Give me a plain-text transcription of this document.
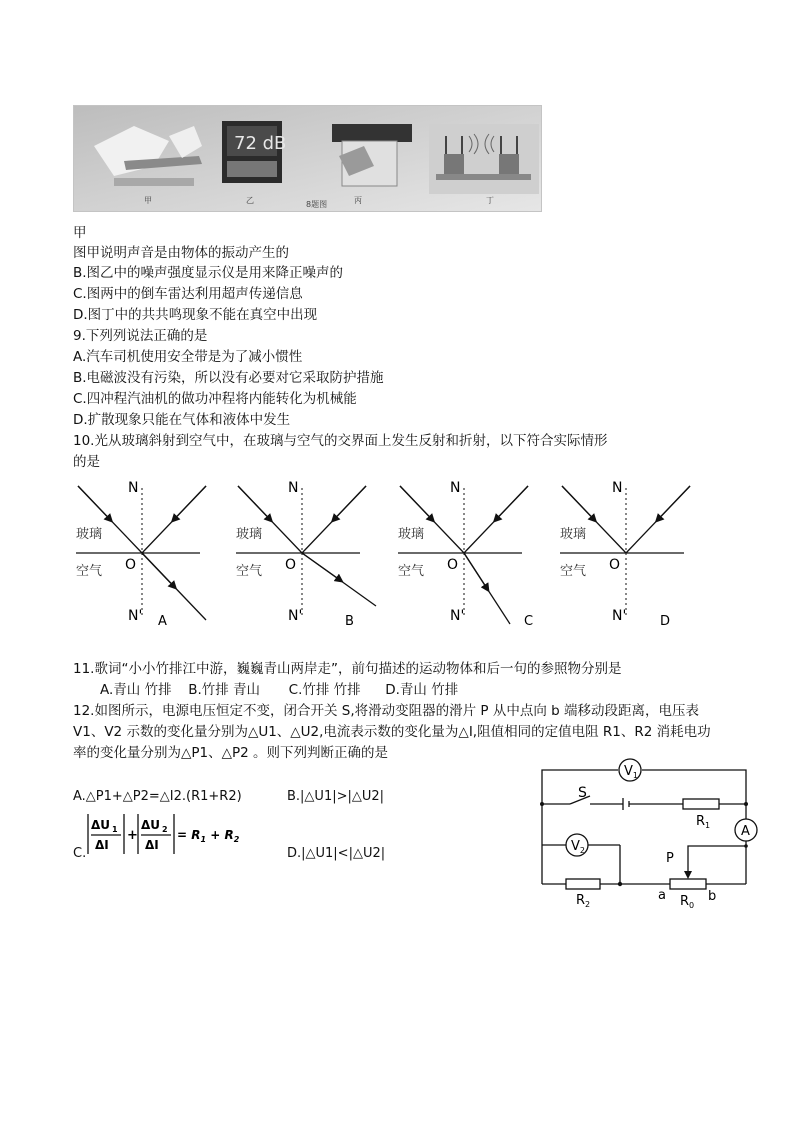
72 dB
甲	乙	丙	丁
8题图
甲
图甲说明声音是由物体的振动产生的
B.图乙中的噪声强度显示仪是用来降正噪声的
C.图两中的倒车雷达利用超声传递信息
D.图丁中的共共鸣现象不能在真空中出现
9.下列列说法正确的是
A.汽车司机使用安全带是为了减小惯性
B.电磁波没有污染，所以没有必要对它采取防护措施
C.四冲程汽油机的做功冲程将内能转化为机械能
D.扩散现象只能在气体和液体中发生
10.光从玻璃斜射到空气中，在玻璃与空气的交界面上发生反射和折射，以下符合实际情形
的是
N
N'
玻璃
空气 O
A
N
N'
玻璃
空气 O
B
N
N'
玻璃
空气 O
C
N
N'
玻璃
空气 O
D
11.歌词“小小竹排江中游，巍巍青山两岸走”，前句描述的运动物体和后一句的参照物分别是
A.青山 竹排 B.竹排 青山 C.竹排 竹排 D.青山 竹排
12.如图所示，电源电压恒定不变，闭合开关 S,将滑动变阻器的滑片 P 从中点向 b 端移动段距离，电压表
V1、V2 示数的变化量分别为△U1、△U2,电流表示数的变化量为△I,阻值相同的定值电阻 R1、R2 消耗电功
率的变化量分别为△P1、△P2 。则下列判断正确的是
A.△P1+△P2=△I2.(R1+R2)	B.|△U1|>|△U2|
C.
ΔU 1
ΔI
+
ΔU 2
ΔI
= $R_1 + R_2$
D.|△U1|<|△U2|
$V_1$
$V_2$
A
S
$R_1$
$R_2$	$R_0$
P
a	b
